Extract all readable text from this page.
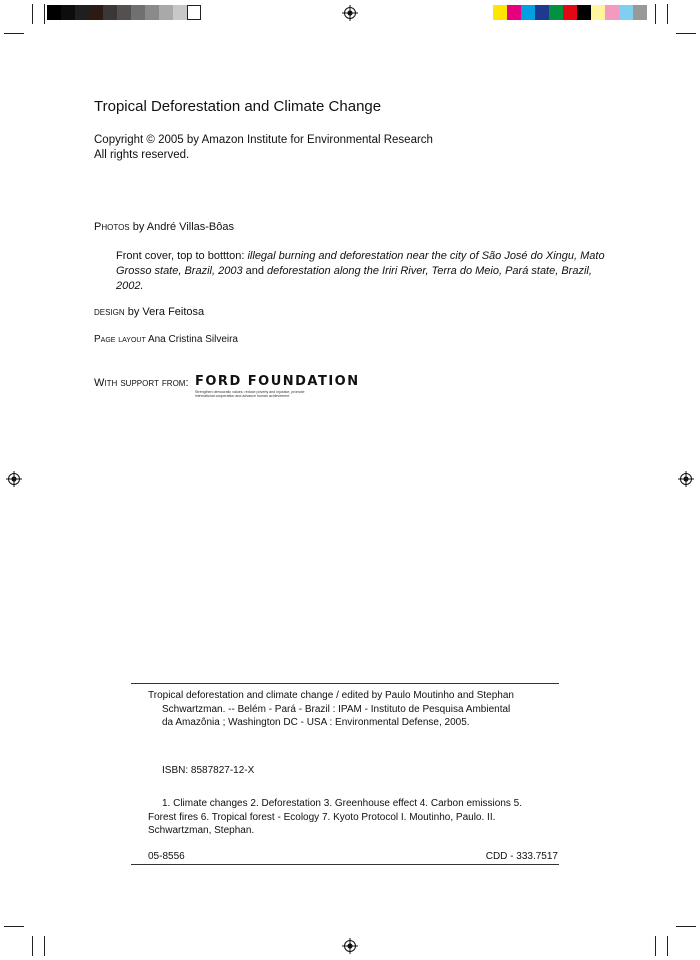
Tropical Deforestation and Climate Change
Copyright © 2005 by Amazon Institute for Environmental Research
All rights reserved.
Photos by André Villas-Bôas
Front cover, top to bottton: illegal burning and deforestation near the city of São José do Xingu, Mato Grosso state, Brazil, 2003 and deforestation along the Iriri River, Terra do Meio, Pará state, Brazil, 2002.
design by Vera Feitosa
Page layout Ana Cristina Silveira
With support from: FORD FOUNDATION
Strengthen democratic values, reduce poverty and injustice, promote international cooperation and advance human achievement
Tropical deforestation and climate change / edited by Paulo Moutinho and Stephan
Schwartzman. -- Belém - Pará - Brazil : IPAM - Instituto de Pesquisa Ambiental
da Amazônia ; Washington DC - USA : Environmental Defense, 2005.
ISBN: 8587827-12-X
1. Climate changes 2. Deforestation 3. Greenhouse effect 4. Carbon emissions 5.
Forest fires 6. Tropical forest - Ecology 7. Kyoto Protocol I. Moutinho, Paulo. II.
Schwartzman, Stephan.
05-8556	CDD - 333.7517
